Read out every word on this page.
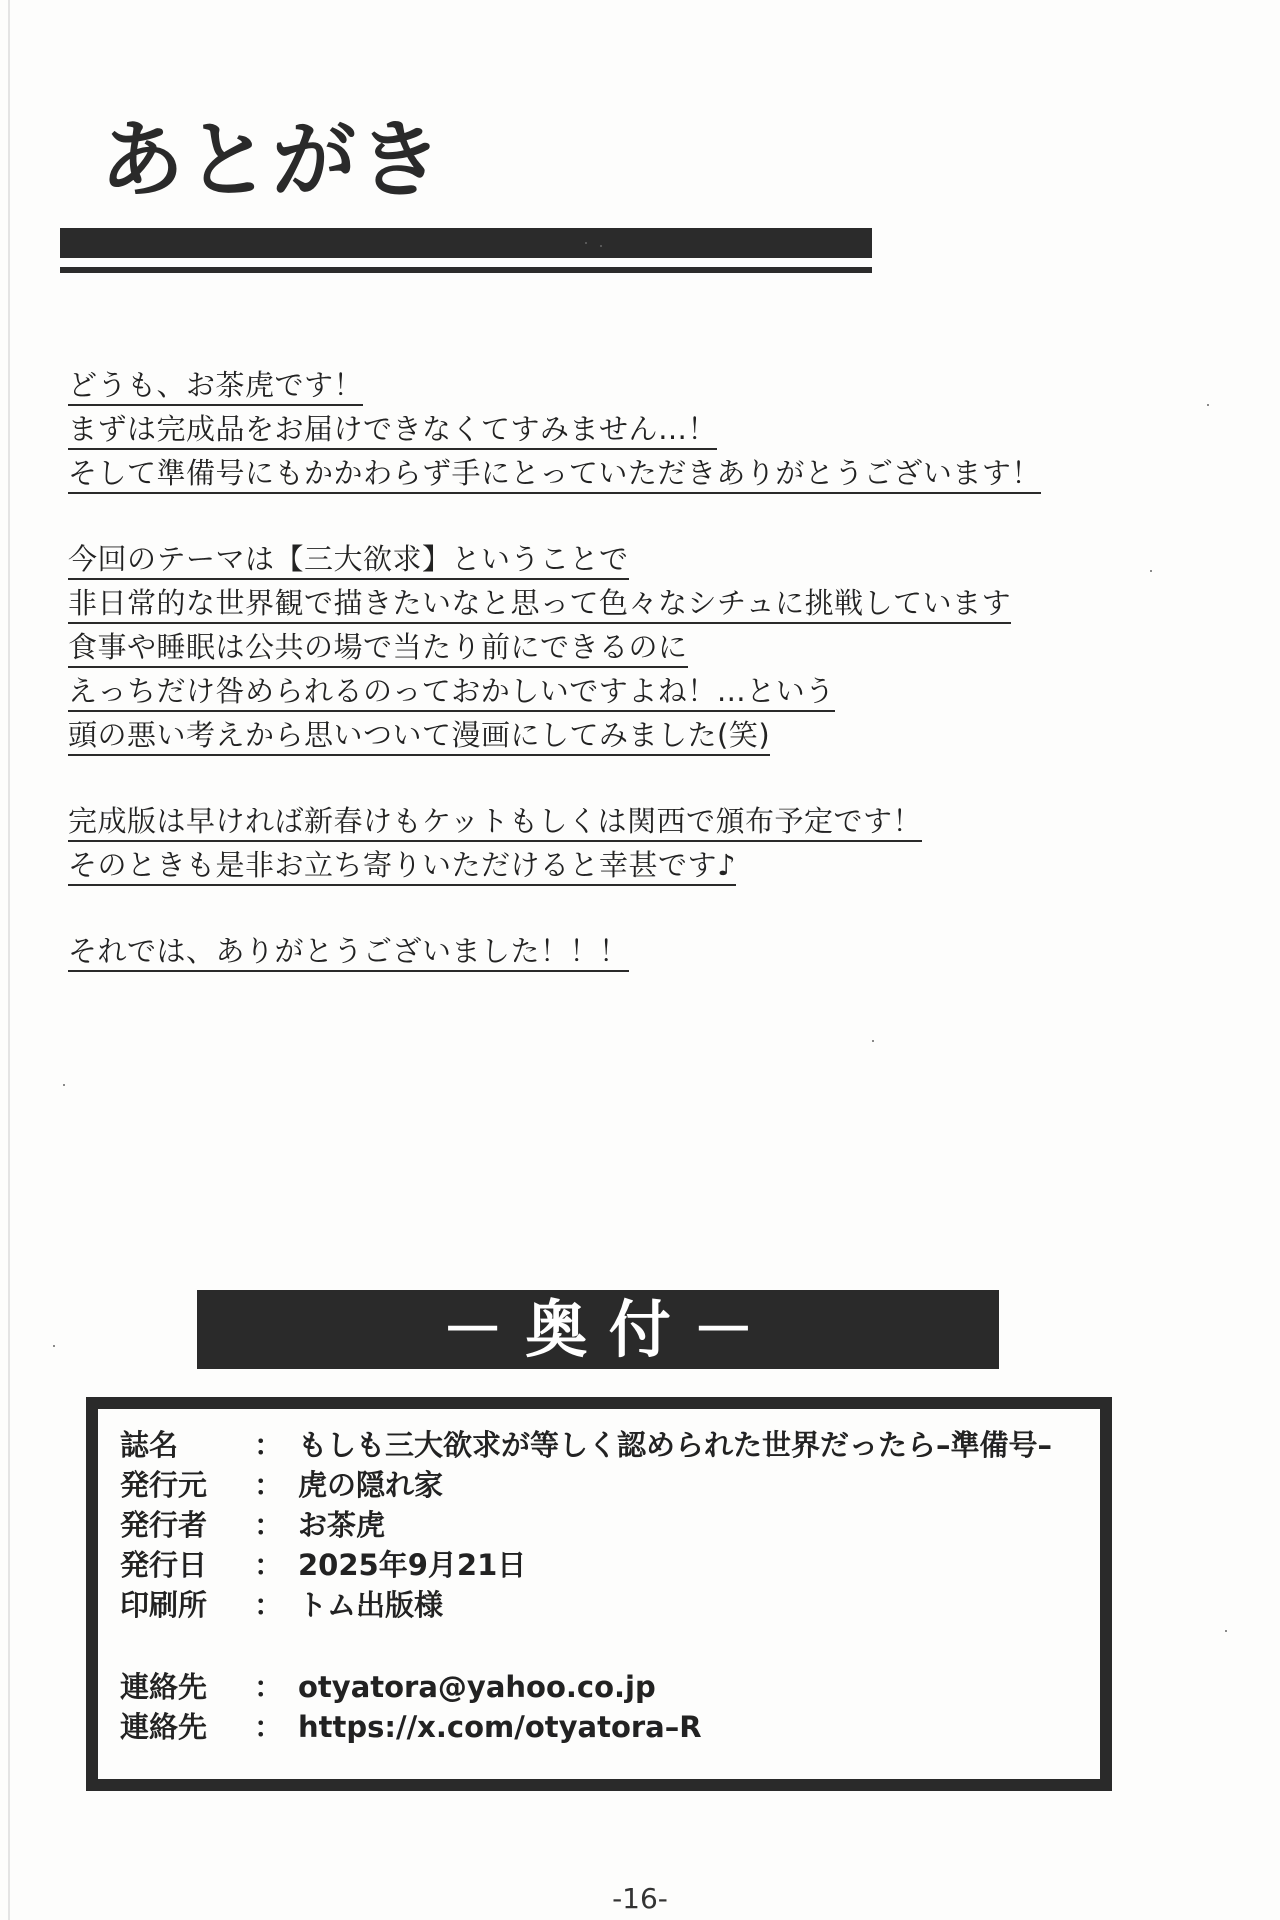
あとがき
どうも、お茶虎です！
まずは完成品をお届けできなくてすみません…！
そして準備号にもかかわらず手にとっていただきありがとうございます！
今回のテーマは【三大欲求】ということで
非日常的な世界観で描きたいなと思って色々なシチュに挑戦しています
食事や睡眠は公共の場で当たり前にできるのに
えっちだけ咎められるのっておかしいですよね！…という
頭の悪い考えから思いついて漫画にしてみました(笑)
完成版は早ければ新春けもケットもしくは関西で頒布予定です！
そのときも是非お立ち寄りいただけると幸甚です♪
それでは、ありがとうございました！！！
－ 奥 付 －
誌名	： もしも三大欲求が等しく認められた世界だったら–準備号–
発行元 ： 虎の隠れ家
発行者 ： お茶虎
発行日 ： 2025年9月21日
印刷所 ： トム出版様
連絡先 ： otyatora@yahoo.co.jp
連絡先 ： https://x.com/otyatora–R
-16-
